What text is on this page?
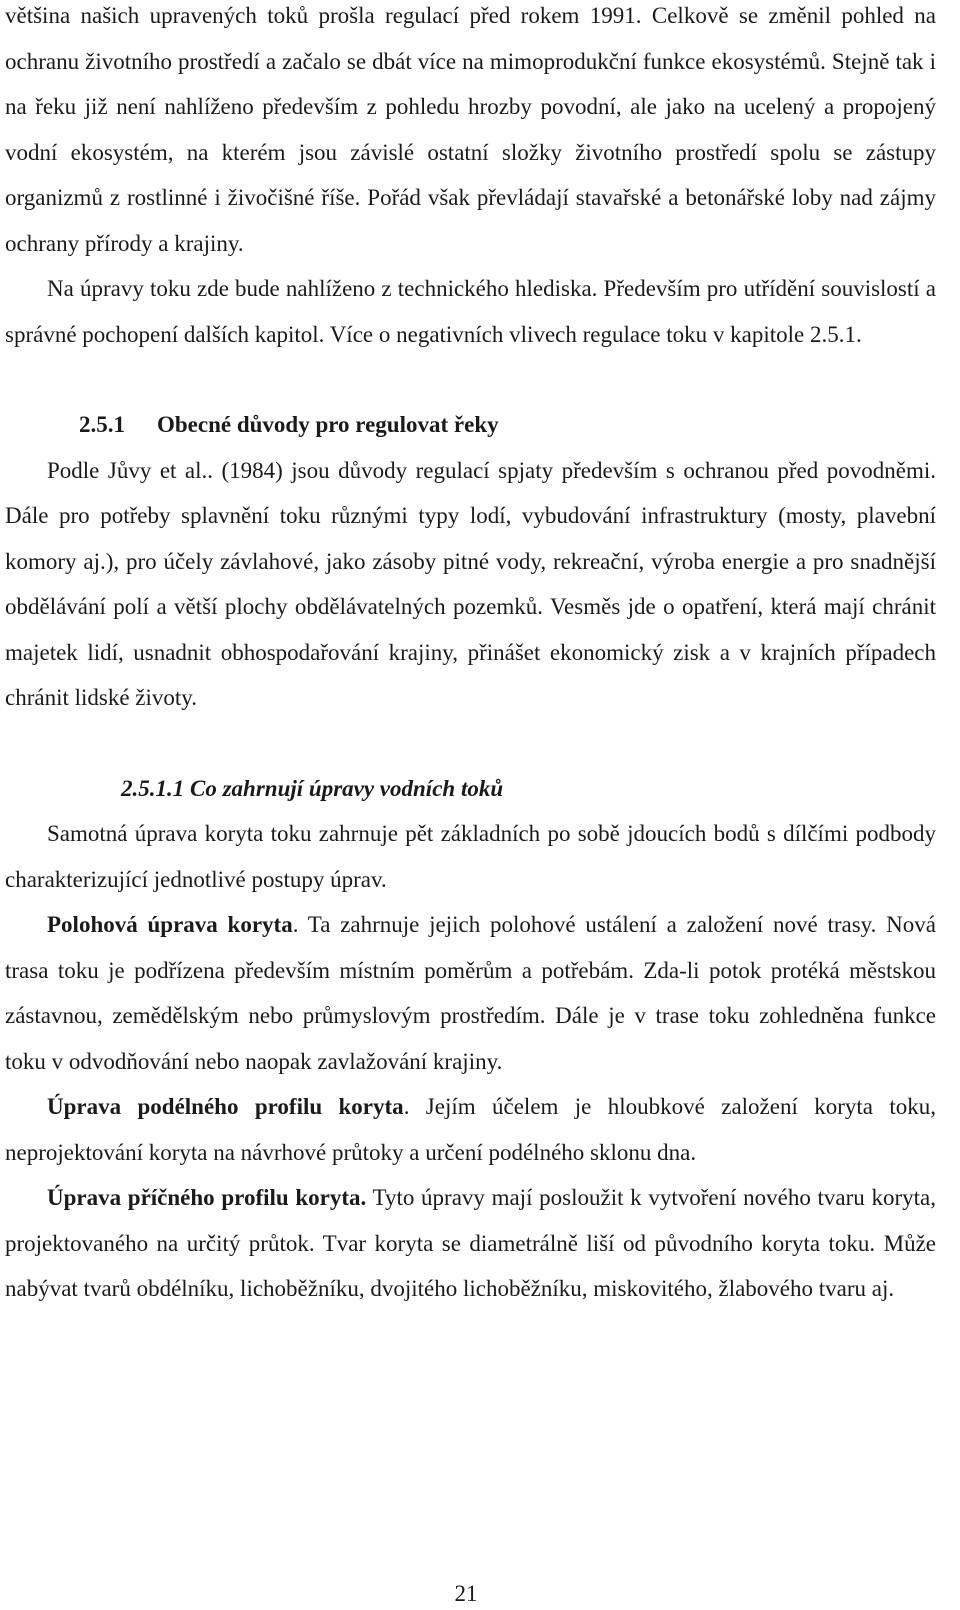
většina našich upravených toků prošla regulací před rokem 1991. Celkově se změnil pohled na ochranu životního prostředí a začalo se dbát více na mimoprodukční funkce ekosystémů. Stejně tak i na řeku již není nahlíženo především z pohledu hrozby povodní, ale jako na ucelený a propojený vodní ekosystém, na kterém jsou závislé ostatní složky životního prostředí spolu se zástupy organizmů z rostlinné i živočišné říše. Pořád však převládají stavařské a betonářské loby nad zájmy ochrany přírody a krajiny.

Na úpravy toku zde bude nahlíženo z technického hlediska. Především pro utřídění souvislostí a správné pochopení dalších kapitol. Více o negativních vlivech regulace toku v kapitole 2.5.1.

2.5.1 Obecné důvody pro regulovat řeky

Podle Jůvy et al.. (1984) jsou důvody regulací spjaty především s ochranou před povodněmi. Dále pro potřeby splavnění toku různými typy lodí, vybudování infrastruktury (mosty, plavební komory aj.), pro účely závlahové, jako zásoby pitné vody, rekreační, výroba energie a pro snadnější obdělávání polí a větší plochy obdělávatelných pozemků. Vesměs jde o opatření, která mají chránit majetek lidí, usnadnit obhospodařování krajiny, přinášet ekonomický zisk a v krajních případech chránit lidské životy.

2.5.1.1 Co zahrnují úpravy vodních toků

Samotná úprava koryta toku zahrnuje pět základních po sobě jdoucích bodů s dílčími podbody charakterizující jednotlivé postupy úprav.

Polohová úprava koryta. Ta zahrnuje jejich polohové ustálení a založení nové trasy. Nová trasa toku je podřízena především místním poměrům a potřebám. Zda-li potok protéká městskou zástavnou, zemědělským nebo průmyslovým prostředím. Dále je v trase toku zohledněna funkce toku v odvodňování nebo naopak zavlažování krajiny.

Úprava podélného profilu koryta. Jejím účelem je hloubkové založení koryta toku, neprojektování koryta na návrhové průtoky a určení podélného sklonu dna.

Úprava příčného profilu koryta. Tyto úpravy mají posloužit k vytvoření nového tvaru koryta, projektovaného na určitý průtok. Tvar koryta se diametrálně liší od původního koryta toku. Může nabývat tvarů obdélníku, lichoběžníku, dvojitého lichoběžníku, miskovitého, žlabového tvaru aj.

21
